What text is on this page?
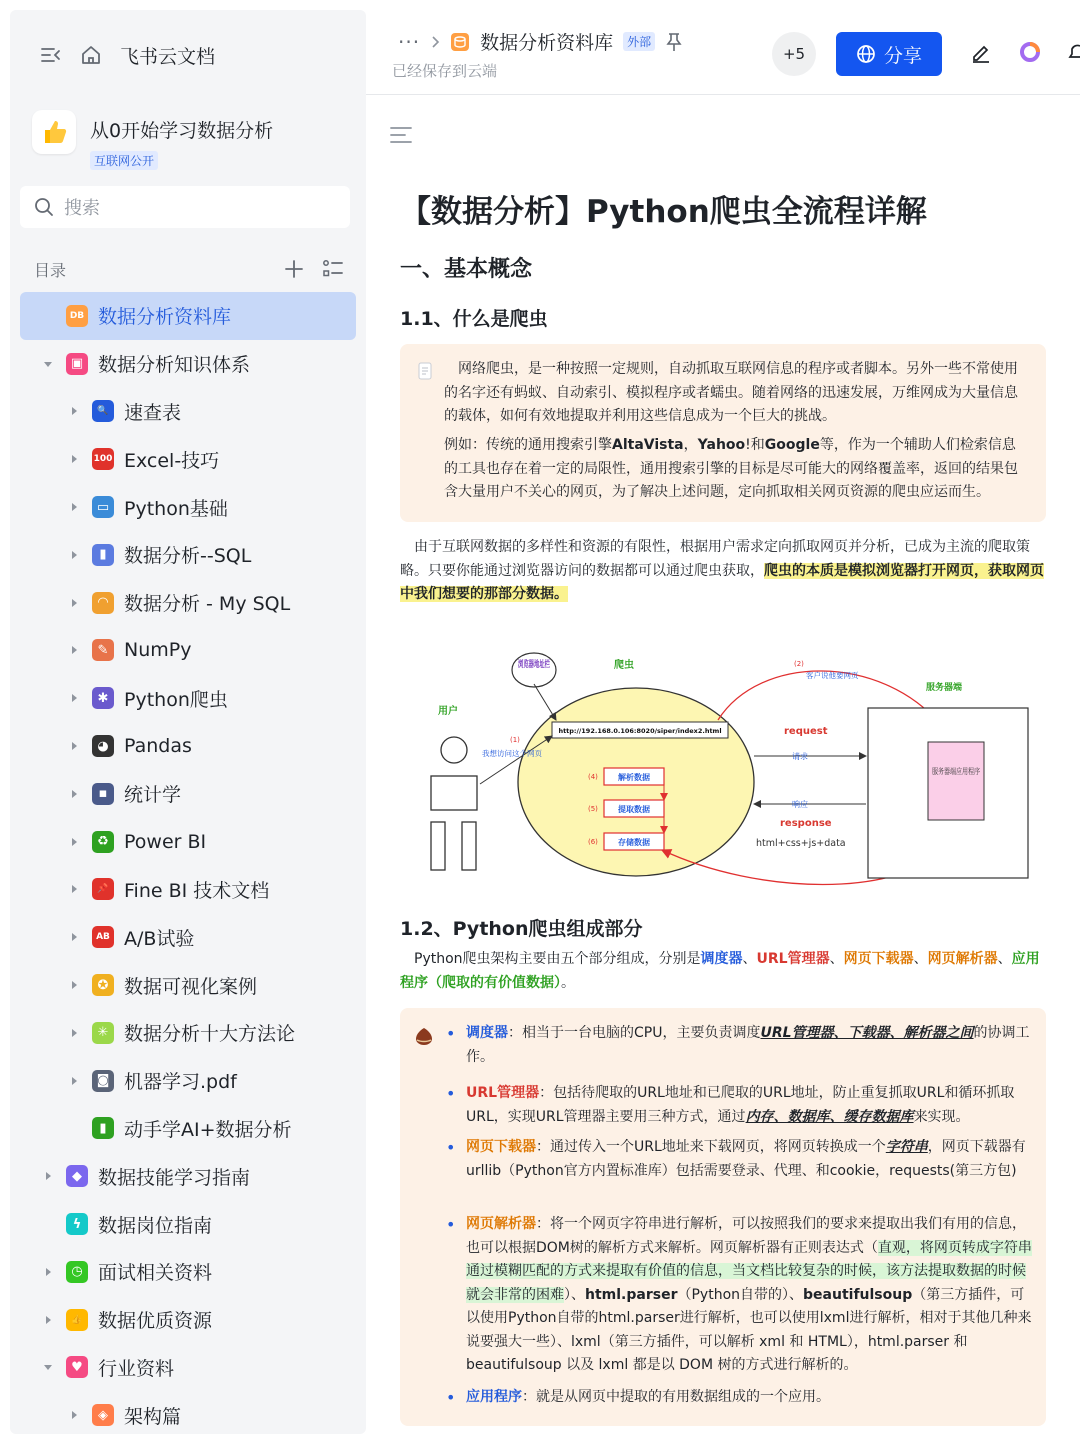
飞书云文档
从0开始学习数据分析
互联网公开
搜索
目录
DB 数据分析资料库
▣ 数据分析知识体系
🔍 速查表
100 Excel-技巧
▭ Python基础
▮ 数据分析--SQL
◠ 数据分析 - My SQL
✎ NumPy
✱ Python爬虫
◕ Pandas
▪ 统计学
♻ Power BI
📌 Fine BI 技术文档
AB A/B试验
✪ 数据可视化案例
✳ 数据分析十大方法论
◙ 机器学习.pdf
▮ 动手学AI+数据分析
◆ 数据技能学习指南
ϟ 数据岗位指南
◷ 面试相关资料
👍 数据优质资源
♥ 行业资料
◈ 架构篇
···	数据分析资料库	外部
已经保存到云端
+5	分享
【数据分析】Python爬虫全流程详解
一、基本概念
1.1、什么是爬虫

网络爬虫，是一种按照一定规则，自动抓取互联网信息的程序或者脚本。另外一些不常使用的名字还有蚂蚁、自动索引、模拟程序或者蠕虫。随着网络的迅速发展，万维网成为大量信息的载体，如何有效地提取并利用这些信息成为一个巨大的挑战。

例如：传统的通用搜索引擎AltaVista，Yahoo!和Google等，作为一个辅助人们检索信息的工具也存在着一定的局限性，通用搜索引擎的目标是尽可能大的网络覆盖率，返回的结果包含大量用户不关心的网页，为了解决上述问题，定向抓取相关网页资源的爬虫应运而生。

由于互联网数据的多样性和资源的有限性，根据用户需求定向抓取网页并分析，已成为主流的爬取策略。只要你能通过浏览器访问的数据都可以通过爬虫获取，爬虫的本质是模拟浏览器打开网页，获取网页中我们想要的那部分数据。

浏览器地址栏	爬虫
用户
http://192.168.0.106:8020/siper/index2.html
(1)
我想访问这个网页
(4)	解析数据
(5)	提取数据
(6)	存储数据
(2)
客户说他要网页
服务器端
服务器端应用程序
request
请求
响应
response
html+css+js+data
1.2、Python爬虫组成部分

Python爬虫架构主要由五个部分组成，分别是调度器、URL管理器、网页下载器、网页解析器、应用程序（爬取的有价值数据）。

• 调度器：相当于一台电脑的CPU，主要负责调度URL管理器、下载器、解析器之间的协调工作。

• URL管理器：包括待爬取的URL地址和已爬取的URL地址，防止重复抓取URL和循环抓取URL，实现URL管理器主要用三种方式，通过内存、数据库、缓存数据库来实现。

• 网页下载器：通过传入一个URL地址来下载网页，将网页转换成一个字符串，网页下载器有urllib（Python官方内置标准库）包括需要登录、代理、和cookie，requests(第三方包)

• 网页解析器：将一个网页字符串进行解析，可以按照我们的要求来提取出我们有用的信息，也可以根据DOM树的解析方式来解析。网页解析器有正则表达式（直观，将网页转成字符串通过模糊匹配的方式来提取有价值的信息，当文档比较复杂的时候，该方法提取数据的时候就会非常的困难）、html.parser（Python自带的）、beautifulsoup（第三方插件，可以使用Python自带的html.parser进行解析，也可以使用lxml进行解析，相对于其他几种来说要强大一些）、lxml（第三方插件，可以解析 xml 和 HTML），html.parser 和 beautifulsoup 以及 lxml 都是以 DOM 树的方式进行解析的。

• 应用程序：就是从网页中提取的有用数据组成的一个应用。
